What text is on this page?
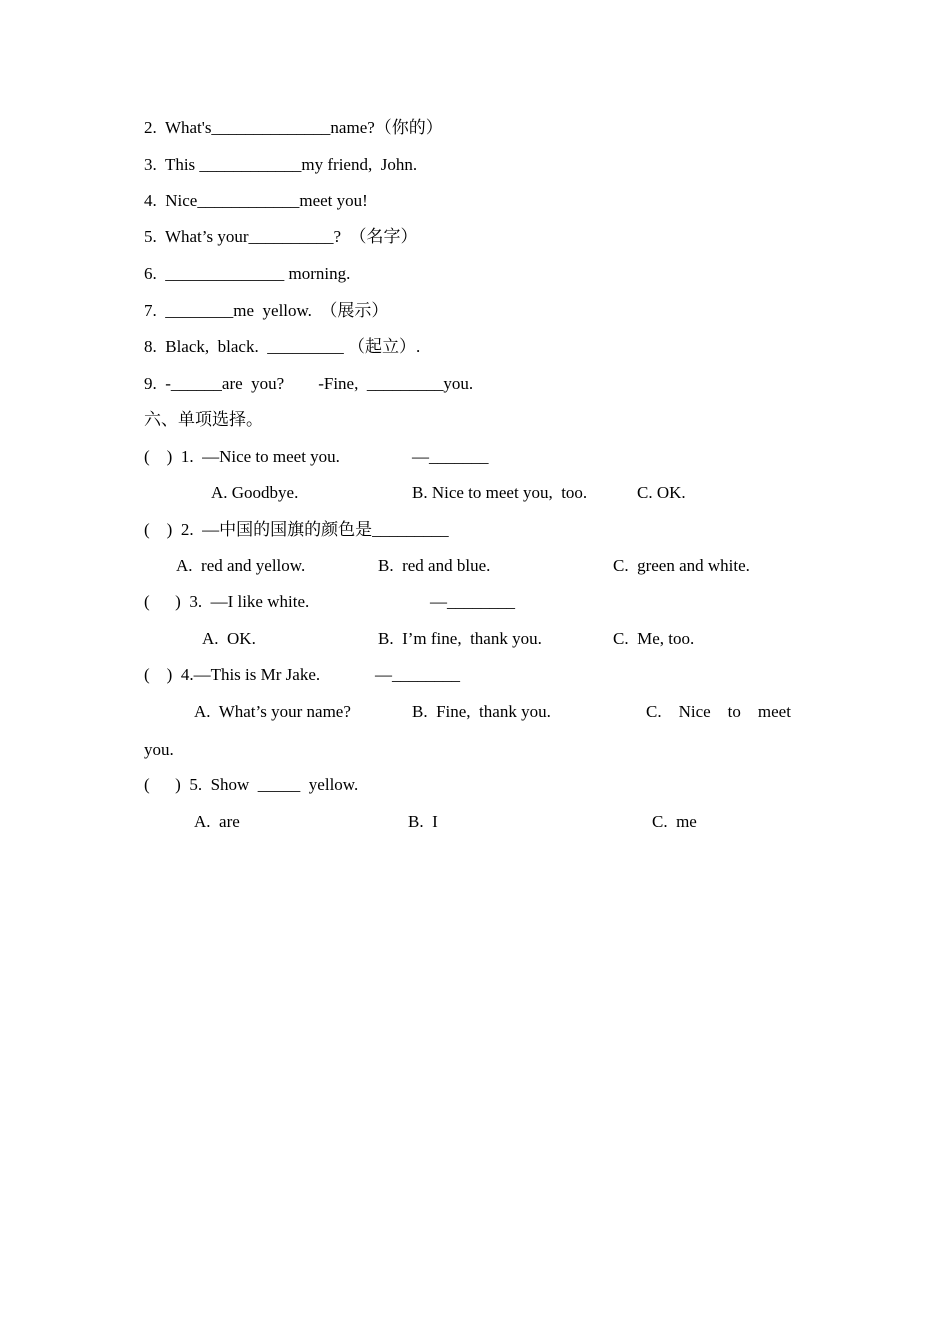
2.  What's______________name?（你的）
3.  This ____________my friend,  John.
4.  Nice____________meet you!
5.  What’s your__________?  （名字）
6.  ______________ morning.
7.  ________me  yellow.  （展示）
8.  Black,  black.  _________ （起立）.
9.  -______are  you?        -Fine,  _________you.
六、单项选择。
(    )  1.  —Nice to meet you.	—_______
A. Goodbye.	B. Nice to meet you,  too.	C. OK.
(    )  2.  —中国的国旗的颜色是_________
A.  red and yellow.	B.  red and blue.	C.  green and white.
(      )  3.  —I like white.	—________
A.  OK.	B.  I’m fine,  thank you.	C.  Me, too.
(    )  4.—This is Mr Jake.	—________
A.  What’s your name?	B.  Fine,  thank you.	C.    Nice    to    meet
you.
(      )  5.  Show  _____  yellow.
A.  are	B.  I	C.  me
